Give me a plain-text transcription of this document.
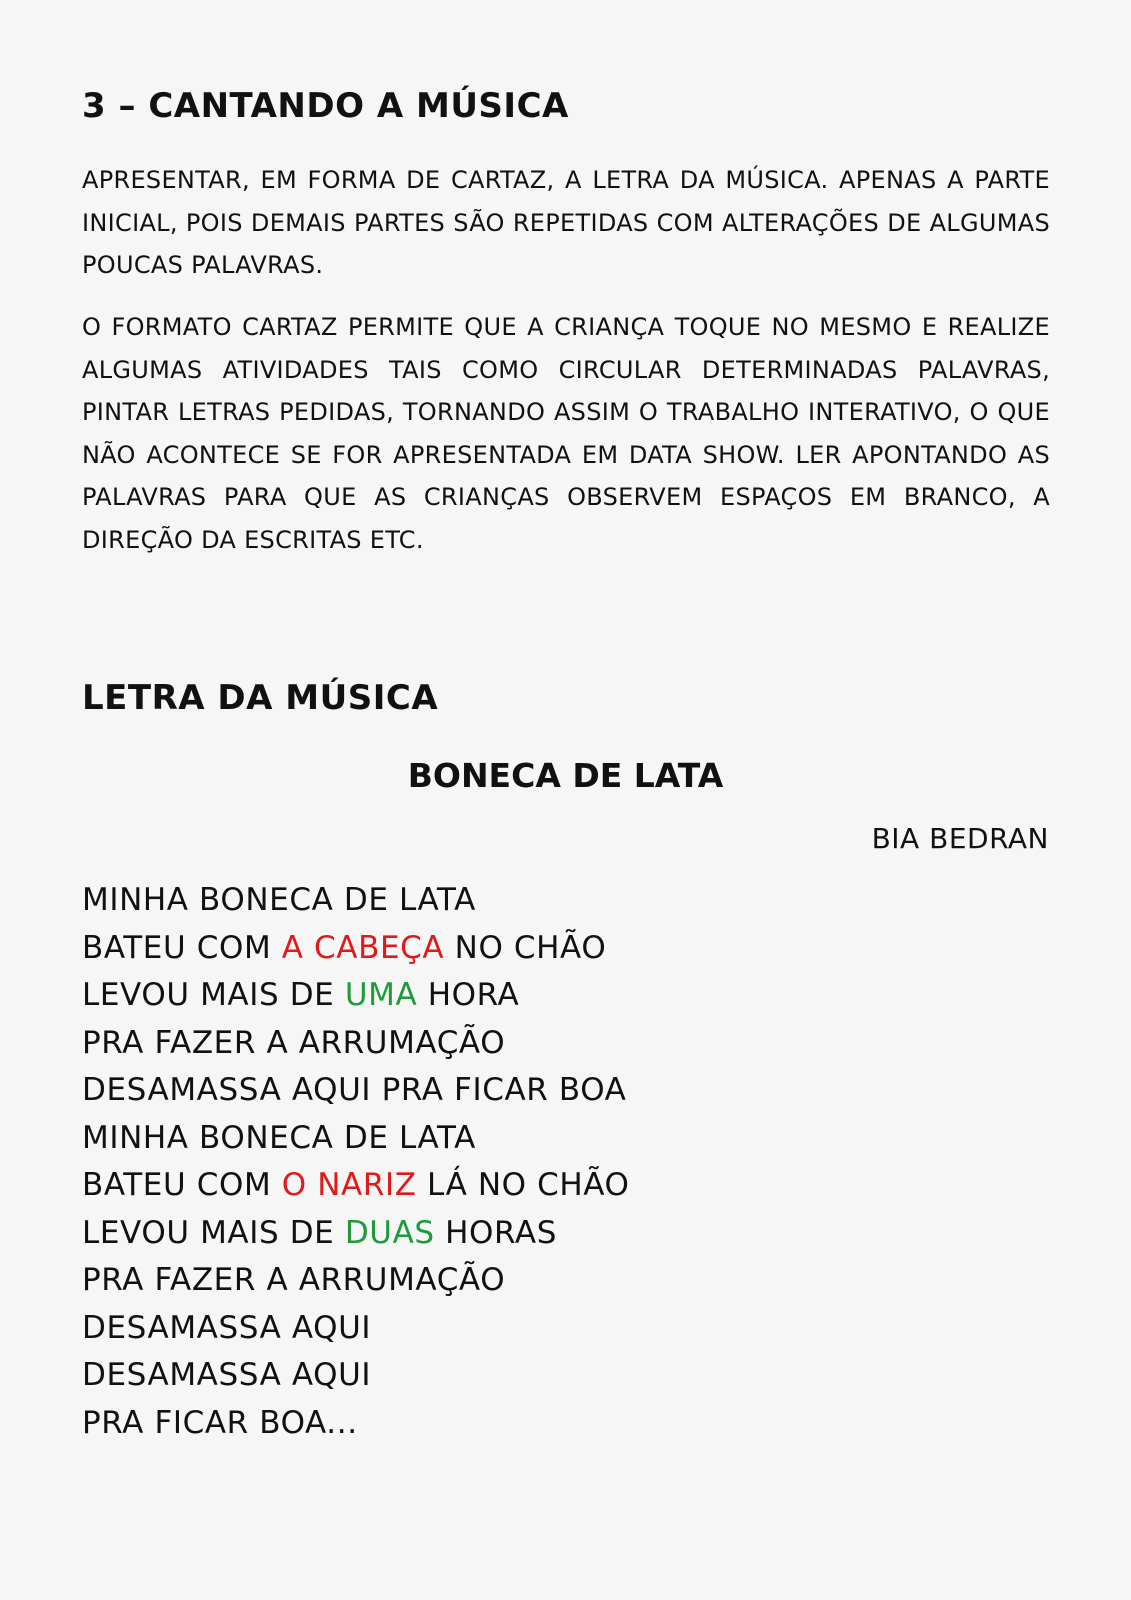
3 – CANTANDO A MÚSICA

APRESENTAR, EM FORMA DE CARTAZ, A LETRA DA MÚSICA. APENAS A PARTE INICIAL, POIS DEMAIS PARTES SÃO REPETIDAS COM ALTERAÇÕES DE ALGUMAS POUCAS PALAVRAS.

O FORMATO CARTAZ PERMITE QUE A CRIANÇA TOQUE NO MESMO E REALIZE ALGUMAS ATIVIDADES TAIS COMO CIRCULAR DETERMINADAS PALAVRAS, PINTAR LETRAS PEDIDAS, TORNANDO ASSIM O TRABALHO INTERATIVO, O QUE NÃO ACONTECE SE FOR APRESENTADA EM DATA SHOW. LER APONTANDO AS PALAVRAS PARA QUE AS CRIANÇAS OBSERVEM ESPAÇOS EM BRANCO, A DIREÇÃO DA ESCRITAS ETC.

LETRA DA MÚSICA
BONECA DE LATA
BIA BEDRAN
MINHA BONECA DE LATA
BATEU COM A CABEÇA NO CHÃO
LEVOU MAIS DE UMA HORA
PRA FAZER A ARRUMAÇÃO
DESAMASSA AQUI PRA FICAR BOA
MINHA BONECA DE LATA
BATEU COM O NARIZ LÁ NO CHÃO
LEVOU MAIS DE DUAS HORAS
PRA FAZER A ARRUMAÇÃO
DESAMASSA AQUI
DESAMASSA AQUI
PRA FICAR BOA...
